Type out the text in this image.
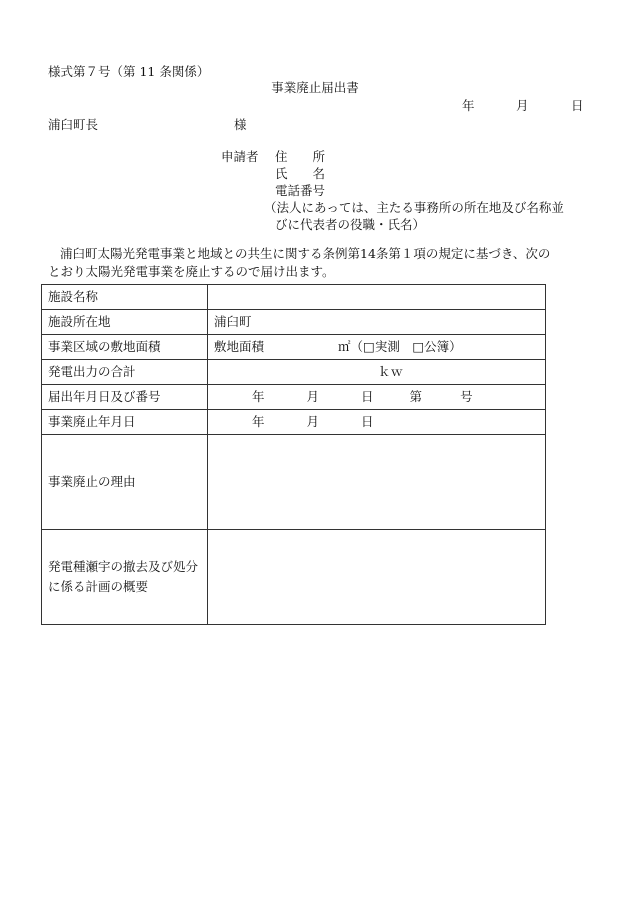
様式第７号（第 11 条関係）
事業廃止届出書
年	月	日
浦臼町長	様
申請者 住　　所
氏　　名
電話番号
（法人にあっては、主たる事務所の所在地及び名称並
びに代表者の役職・氏名）
浦臼町太陽光発電事業と地域との共生に関する条例第14条第１項の規定に基づき、次の
とおり太陽光発電事業を廃止するので届け出ます。
施設名称	
施設所在地	浦臼町
事業区域の敷地面積	敷地面積 ㎡（□実測　□公簿）
発電出力の合計	ｋｗ
届出年月日及び番号	年 月 日 第 号
事業廃止年月日	年 月 日
事業廃止の理由	
発電種瀬宇の撤去及び処分に係る計画の概要	
